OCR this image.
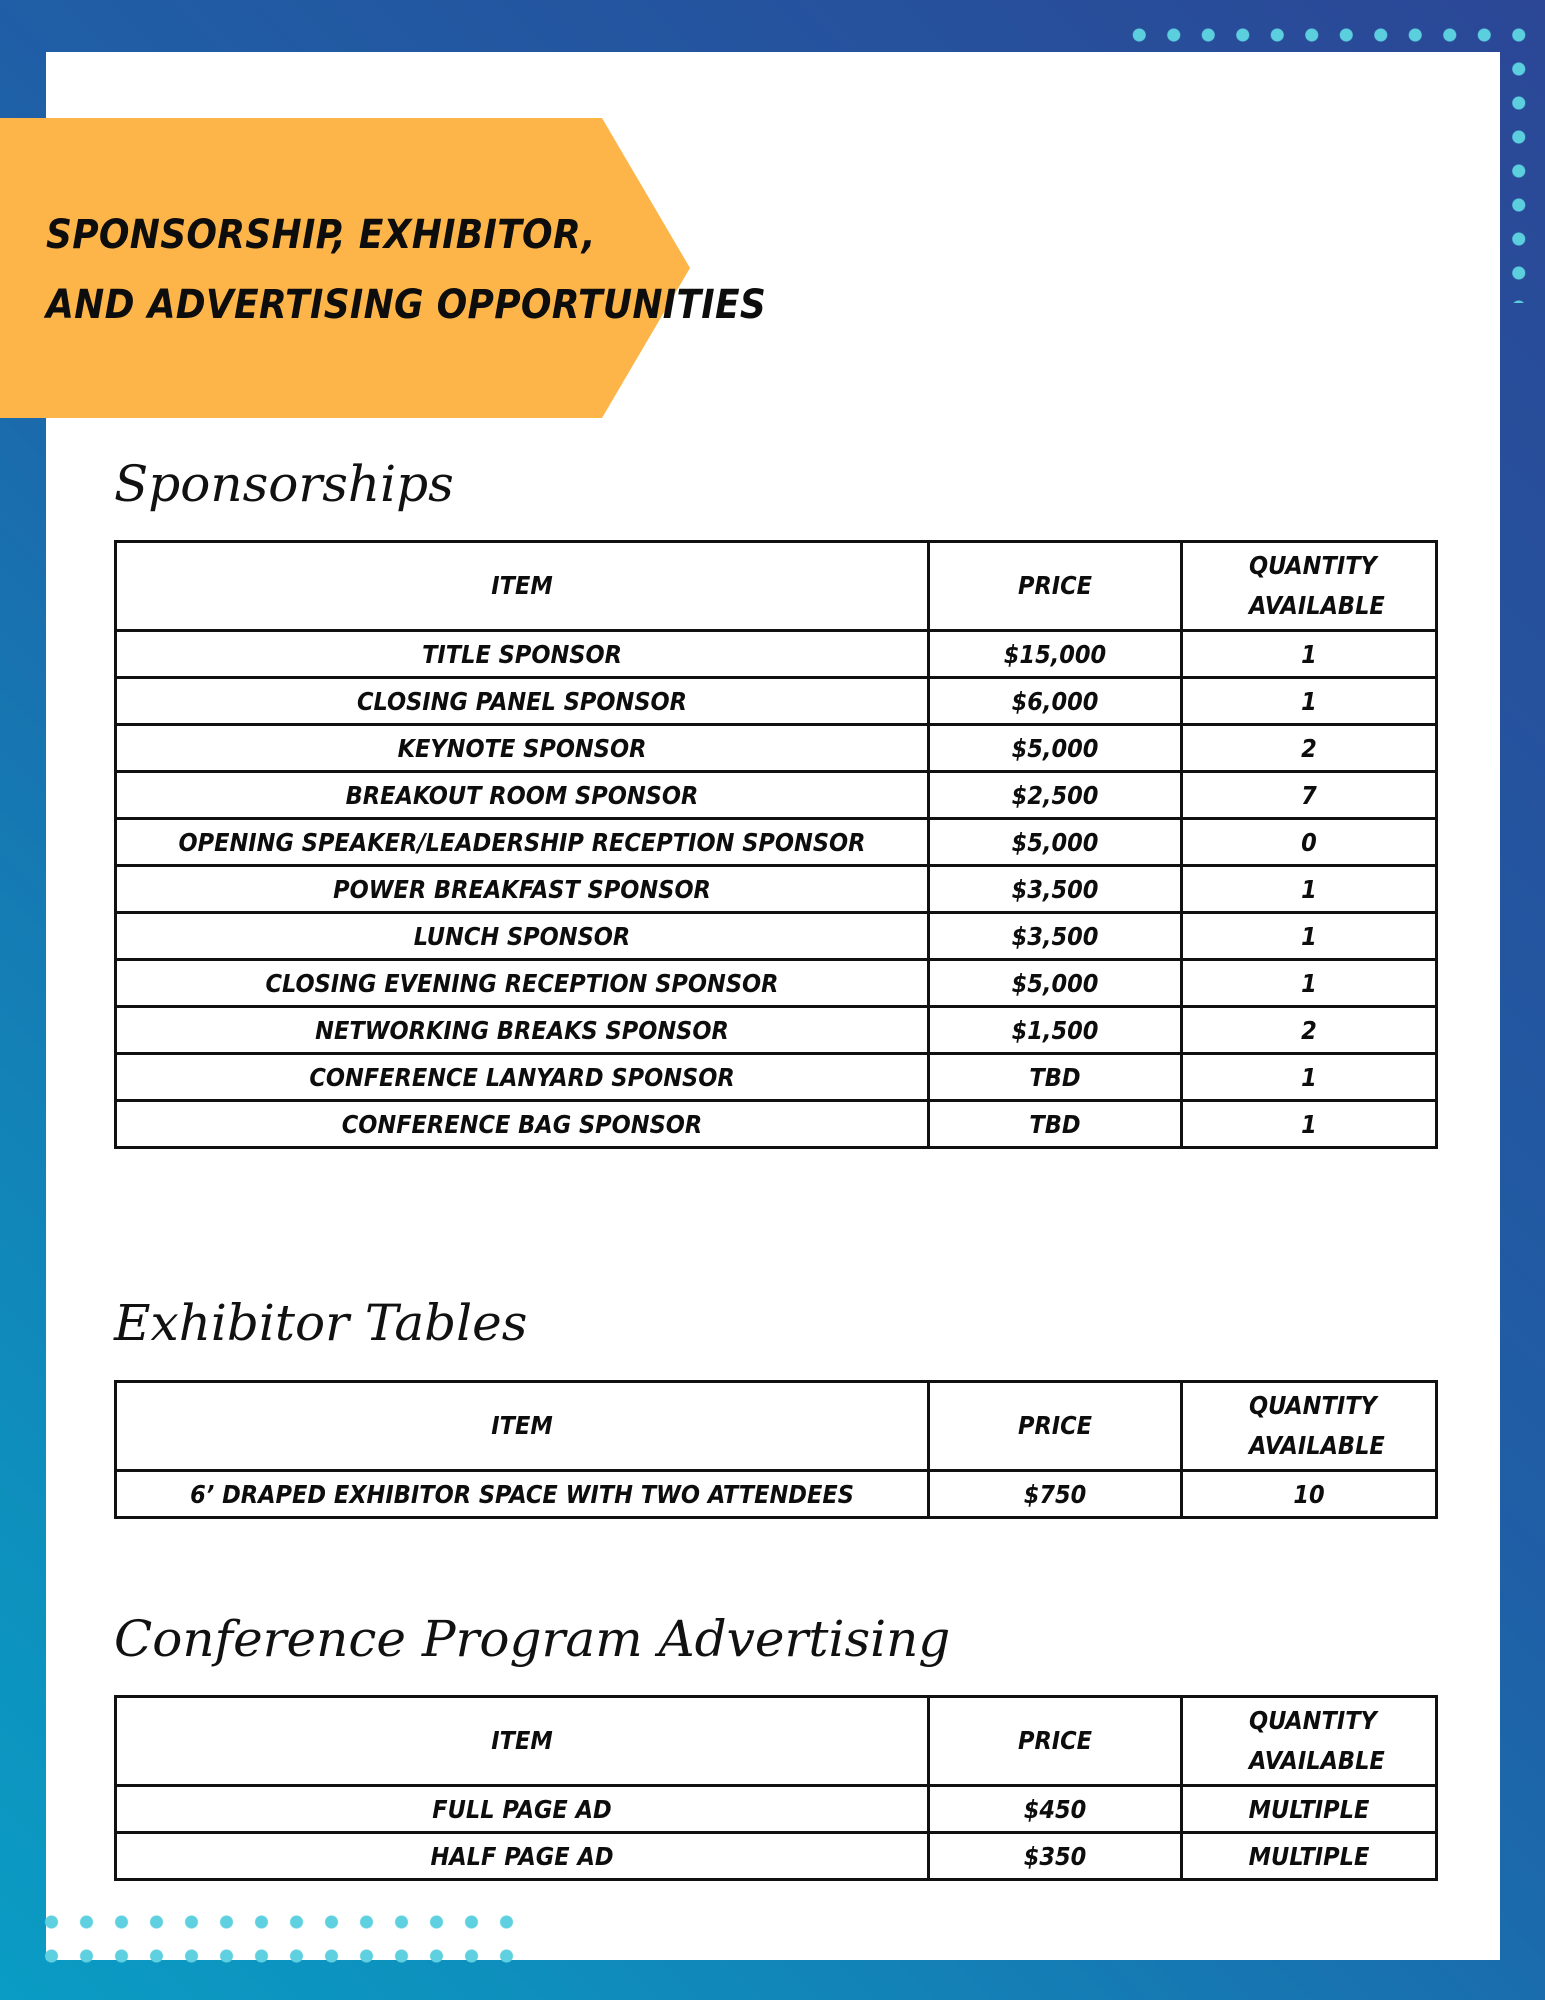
SPONSORSHIP, EXHIBITOR,
AND ADVERTISING OPPORTUNITIES
Sponsorships
ITEM	PRICE	QUANTITY AVAILABLE
TITLE SPONSOR	$15,000	1
CLOSING PANEL SPONSOR	$6,000	1
KEYNOTE SPONSOR	$5,000	2
BREAKOUT ROOM SPONSOR	$2,500	7
OPENING SPEAKER/LEADERSHIP RECEPTION SPONSOR	$5,000	0
POWER BREAKFAST SPONSOR	$3,500	1
LUNCH SPONSOR	$3,500	1
CLOSING EVENING RECEPTION SPONSOR	$5,000	1
NETWORKING BREAKS SPONSOR	$1,500	2
CONFERENCE LANYARD SPONSOR	TBD	1
CONFERENCE BAG SPONSOR	TBD	1
Exhibitor Tables
ITEM	PRICE	QUANTITY AVAILABLE
6’ DRAPED EXHIBITOR SPACE WITH TWO ATTENDEES	$750	10
Conference Program Advertising
ITEM	PRICE	QUANTITY AVAILABLE
FULL PAGE AD	$450	MULTIPLE
HALF PAGE AD	$350	MULTIPLE
